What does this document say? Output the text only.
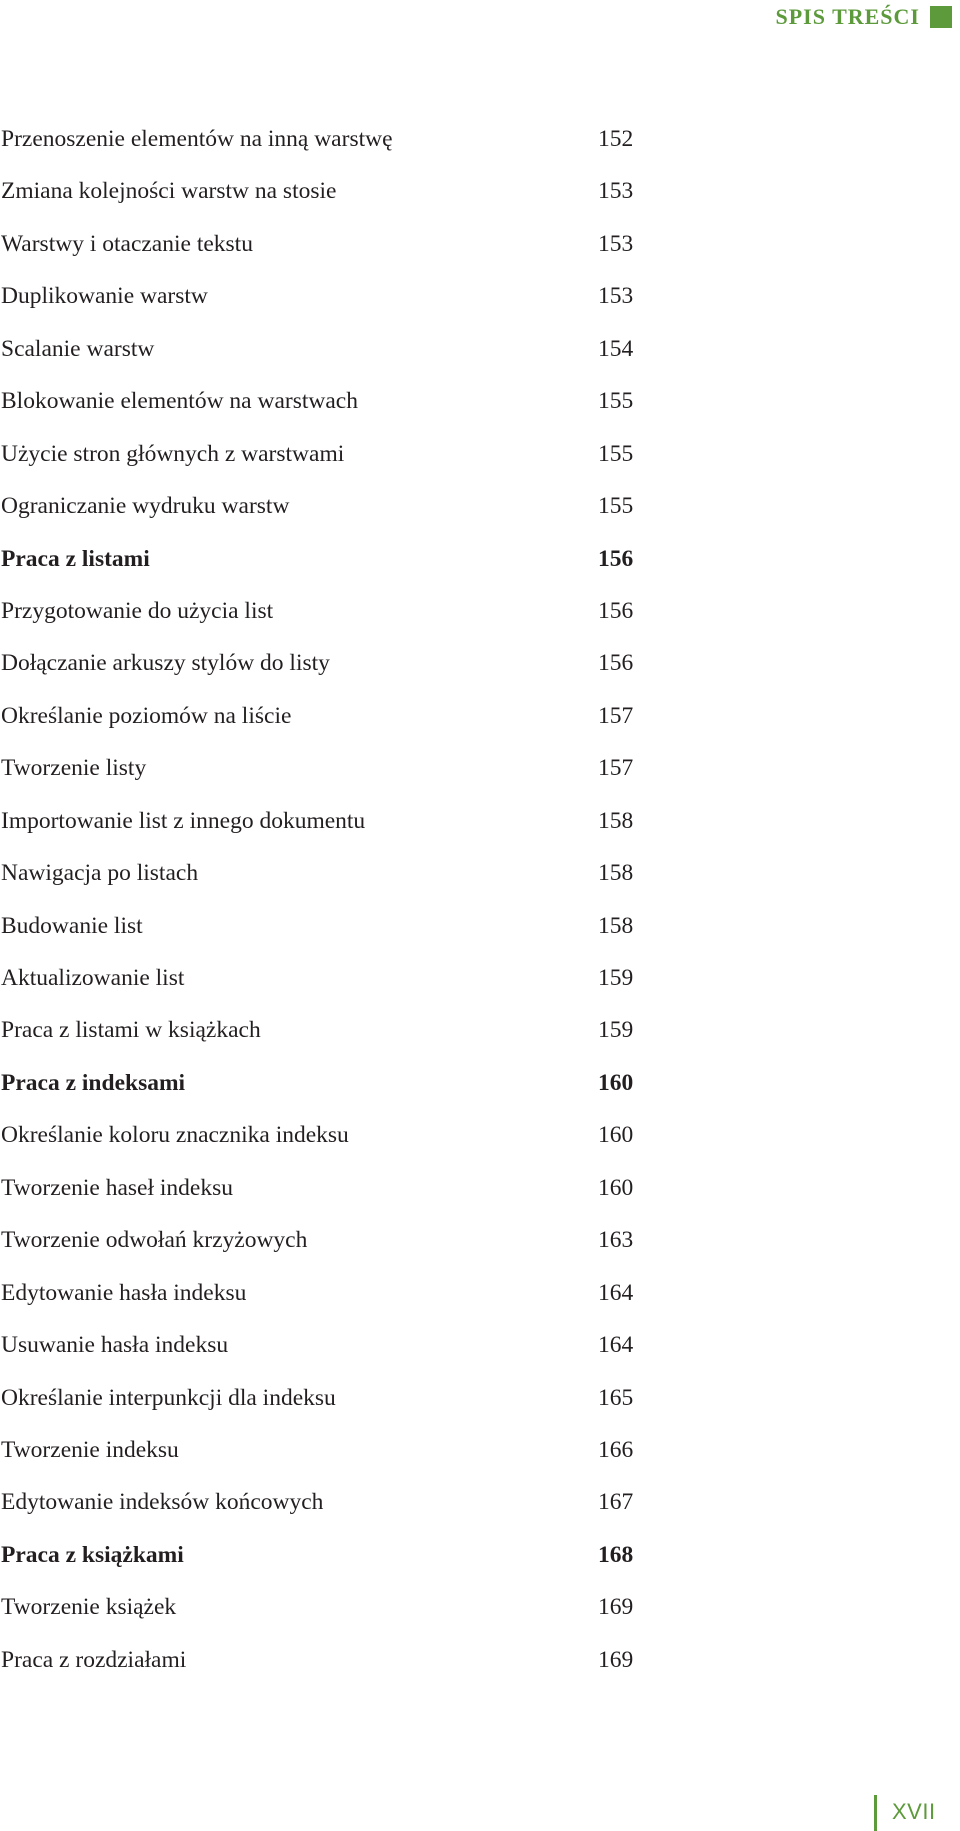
SPIS TREŚCI
Przenoszenie elementów na inną warstwę	152
Zmiana kolejności warstw na stosie	153
Warstwy i otaczanie tekstu	153
Duplikowanie warstw	153
Scalanie warstw	154
Blokowanie elementów na warstwach	155
Użycie stron głównych z warstwami	155
Ograniczanie wydruku warstw	155
Praca z listami	156
Przygotowanie do użycia list	156
Dołączanie arkuszy stylów do listy	156
Określanie poziomów na liście	157
Tworzenie listy	157
Importowanie list z innego dokumentu	158
Nawigacja po listach	158
Budowanie list	158
Aktualizowanie list	159
Praca z listami w książkach	159
Praca z indeksami	160
Określanie koloru znacznika indeksu	160
Tworzenie haseł indeksu	160
Tworzenie odwołań krzyżowych	163
Edytowanie hasła indeksu	164
Usuwanie hasła indeksu	164
Określanie interpunkcji dla indeksu	165
Tworzenie indeksu	166
Edytowanie indeksów końcowych	167
Praca z książkami	168
Tworzenie książek	169
Praca z rozdziałami	169
XVII
